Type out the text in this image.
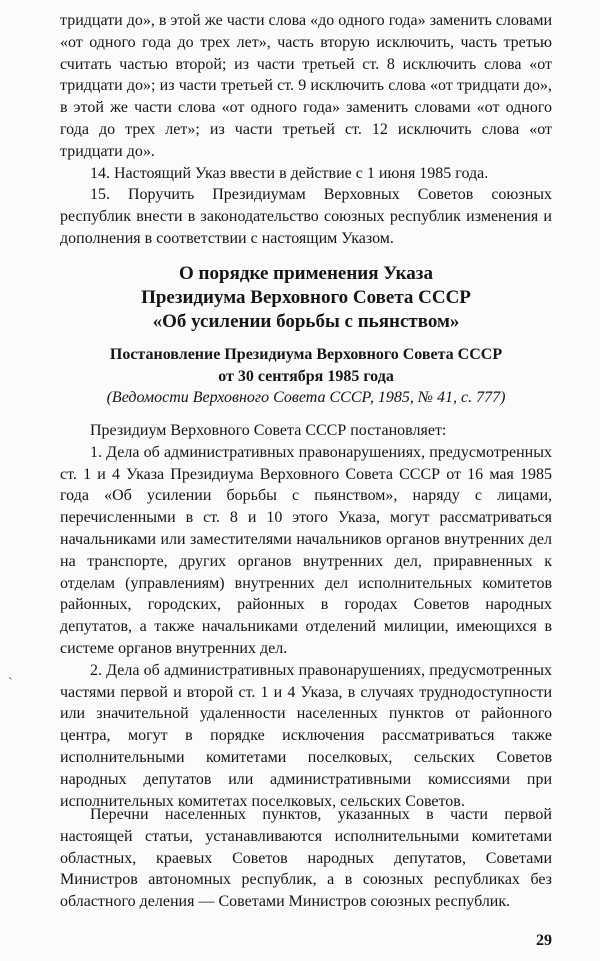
тридцати до», в этой же части слова «до одного года» заменить словами «от одного года до трех лет», часть вторую исключить, часть третью считать частью второй; из части третьей ст. 8 исключить слова «от тридцати до»; из части третьей ст. 9 исключить слова «от тридцати до», в этой же части слова «от одного года» заменить словами «от одного года до трех лет»; из части третьей ст. 12 исключить слова «от тридцати до».

14. Настоящий Указ ввести в действие с 1 июня 1985 года.

15. Поручить Президиумам Верховных Советов союзных республик внести в законодательство союзных республик изменения и дополнения в соответствии с настоящим Указом.

О порядке применения Указа
Президиума Верховного Совета СССР
«Об усилении борьбы с пьянством»
Постановление Президиума Верховного Совета СССР
от 30 сентября 1985 года
(Ведомости Верховного Совета СССР, 1985, № 41, с. 777)

Президиум Верховного Совета СССР постановляет:

1. Дела об административных правонарушениях, предусмотренных ст. 1 и 4 Указа Президиума Верховного Совета СССР от 16 мая 1985 года «Об усилении борьбы с пьянством», наряду с лицами, перечисленными в ст. 8 и 10 этого Указа, могут рассматриваться начальниками или заместителями начальников органов внутренних дел на транспорте, других органов внутренних дел, приравненных к отделам (управлениям) внутренних дел исполнительных комитетов районных, городских, районных в городах Советов народных депутатов, а также начальниками отделений милиции, имеющихся в системе органов внутренних дел.

2. Дела об административных правонарушениях, предусмотренных частями первой и второй ст. 1 и 4 Указа, в случаях труднодоступности или значительной удаленности населенных пунктов от районного центра, могут в порядке исключения рассматриваться также исполнительными комитетами поселковых, сельских Советов народных депутатов или административными комиссиями при исполнительных комитетах поселковых, сельских Советов.

Перечни населенных пунктов, указанных в части первой настоящей статьи, устанавливаются исполнительными комитетами областных, краевых Советов народных депутатов, Советами Министров автономных республик, а в союзных республиках без областного деления — Советами Министров союзных республик.

`
29
